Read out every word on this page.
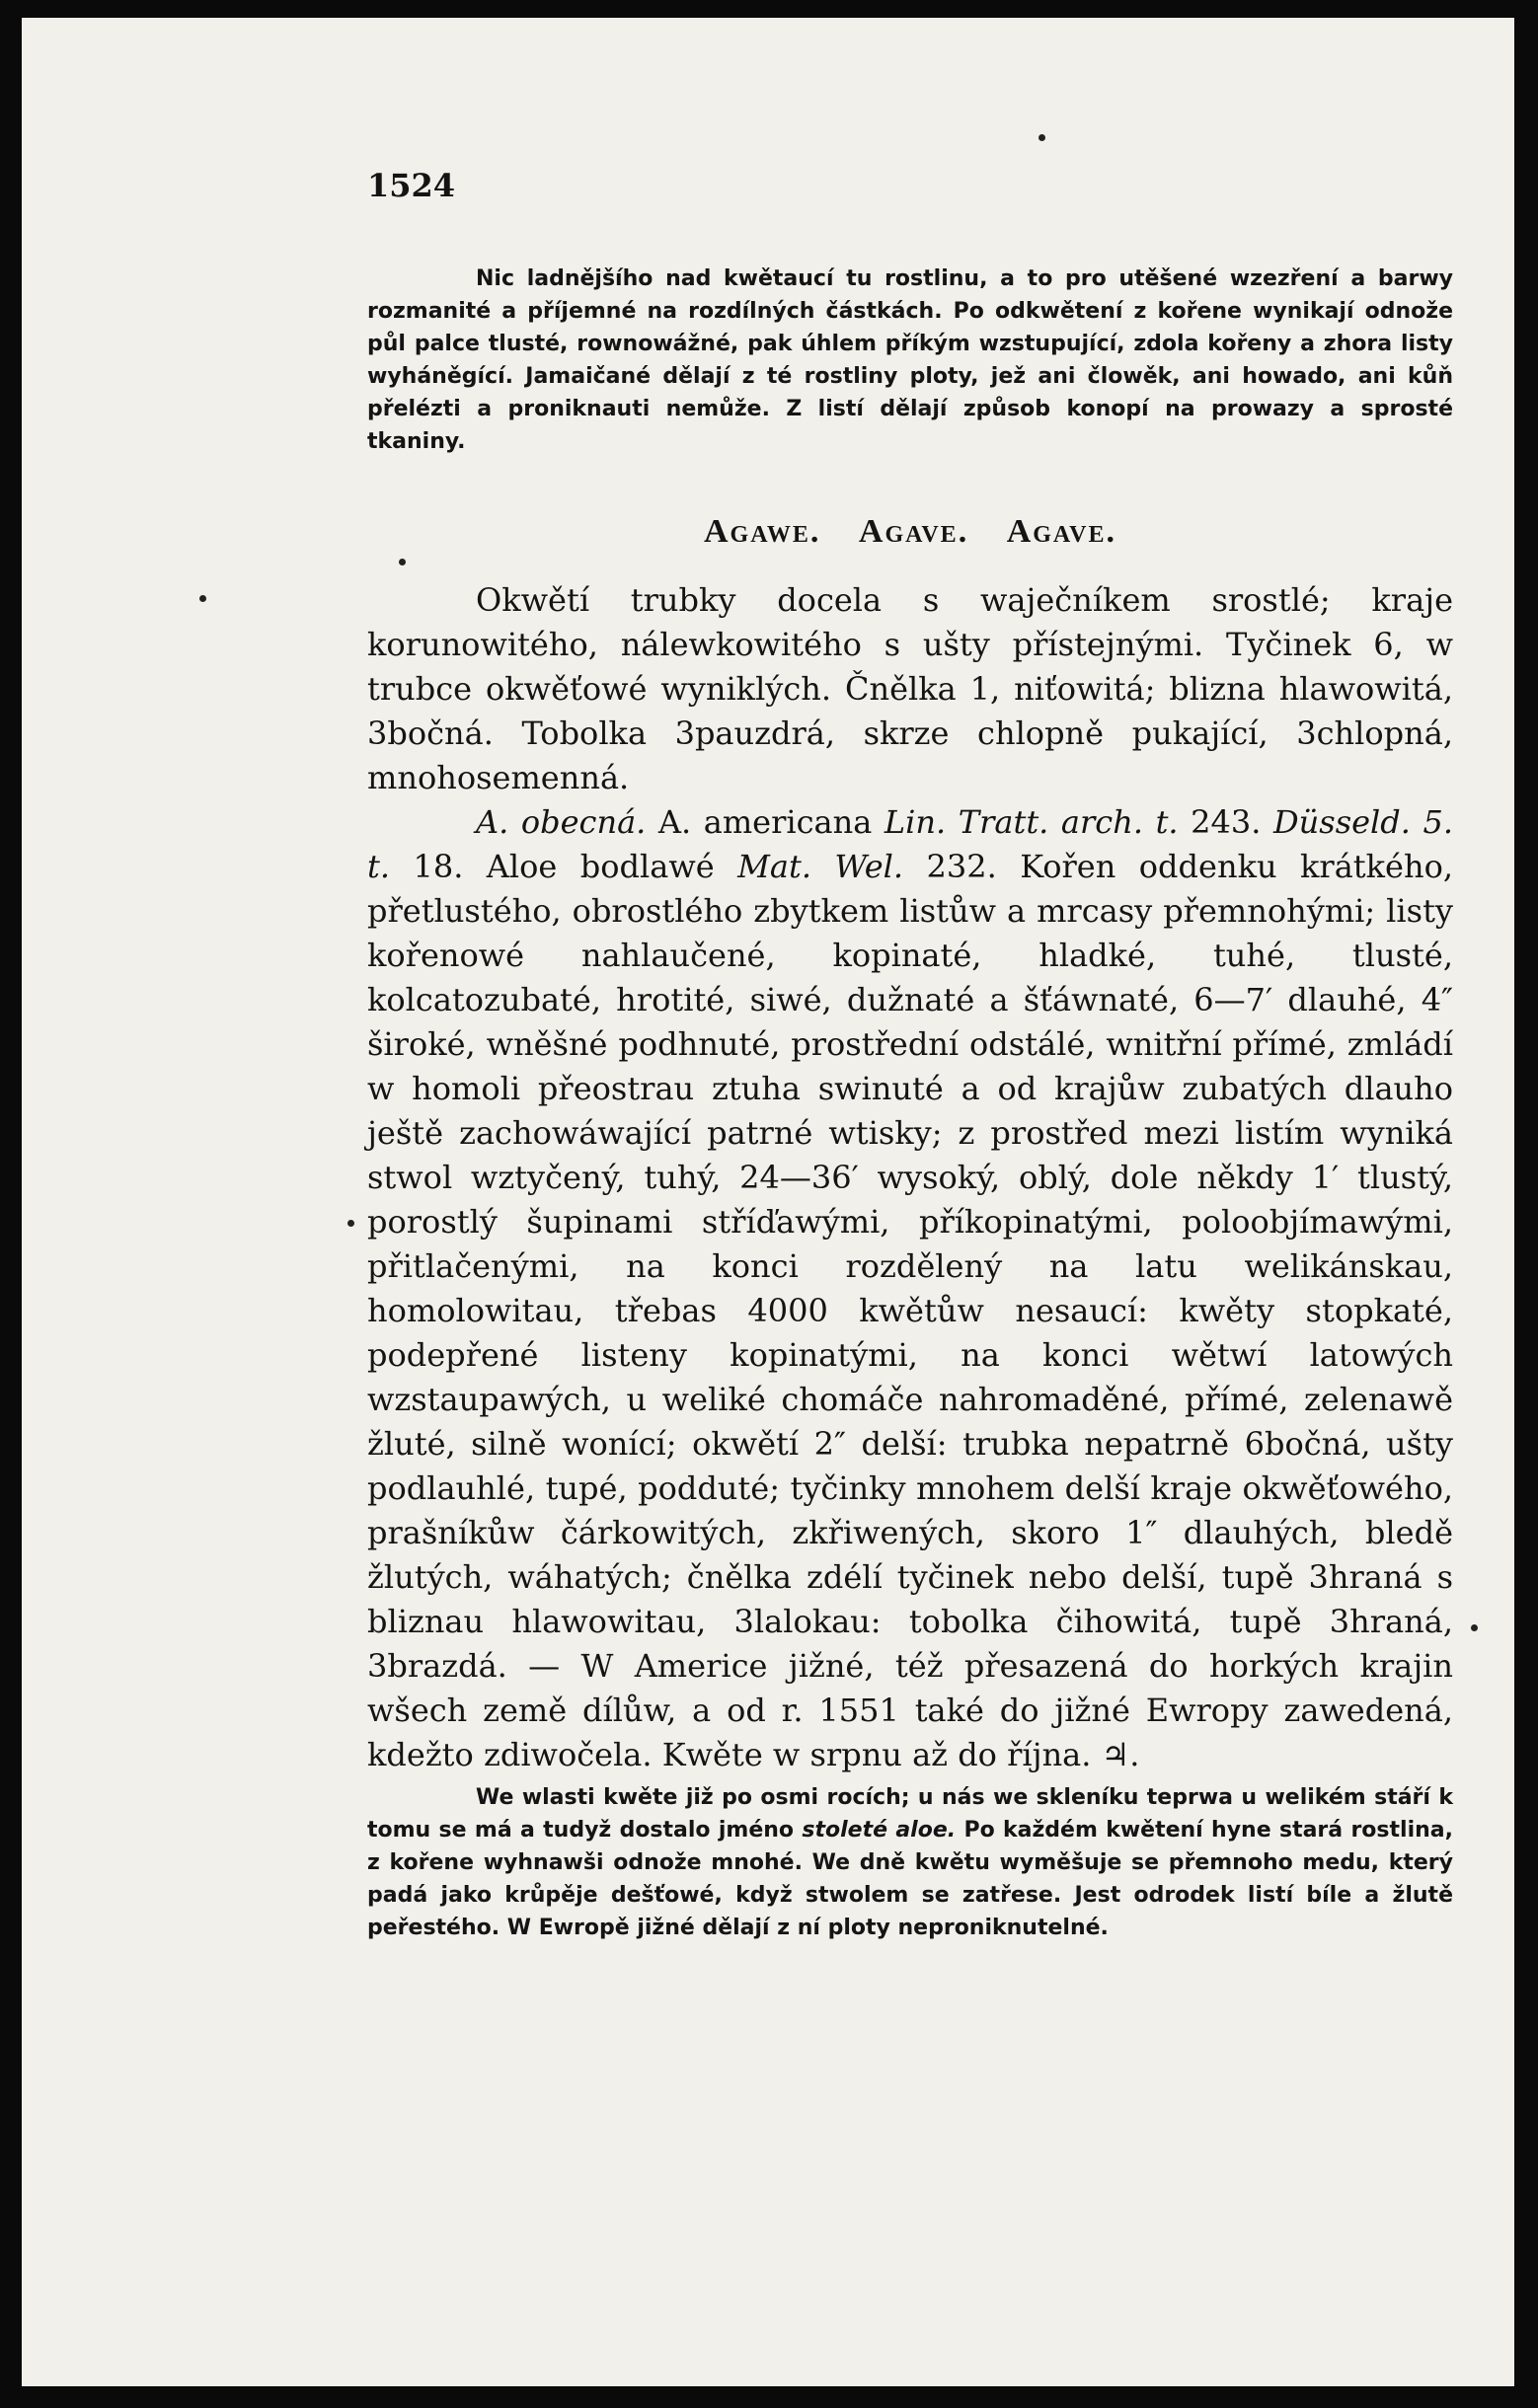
1524

Nic ladnějšího nad kwětaucí tu rostlinu, a to pro utěšené wzezření a barwy rozmanité a příjemné na rozdílných částkách. Po odkwětení z kořene wynikají odnože půl palce tlusté, rownowážné, pak úhlem příkým wzstupující, zdola kořeny a zhora listy wyháněgící. Jamaičané dělají z té rostliny ploty, jež ani člowěk, ani howado, ani kůň přelézti a proniknauti nemůže. Z listí dělají způsob konopí na prowazy a sprosté tkaniny.

Agawe. Agave. Agave.

Okwětí trubky docela s waječníkem srostlé; kraje korunowitého, nálewkowitého s ušty přístejnými. Tyčinek 6, w trubce okwěťowé wyniklých. Čnělka 1, niťowitá; blizna hlawowitá, 3bočná. Tobolka 3pauzdrá, skrze chlopně pukající, 3chlopná, mnohosemenná.

A. obecná. A. americana Lin. Tratt. arch. t. 243. Düsseld. 5. t. 18. Aloe bodlawé Mat. Wel. 232. Kořen oddenku krátkého, přetlustého, obrostlého zbytkem listůw a mrcasy přemnohými; listy kořenowé nahlaučené, kopinaté, hladké, tuhé, tlusté, kolcatozubaté, hrotité, siwé, dužnaté a šťáwnaté, 6—7′ dlauhé, 4″ široké, wněšné podhnuté, prostřední odstálé, wnitřní přímé, zmládí w homoli přeostrau ztuha swinuté a od krajůw zubatých dlauho ještě zachowáwající patrné wtisky; z prostřed mezi listím wyniká stwol wztyčený, tuhý, 24—36′ wysoký, oblý, dole někdy 1′ tlustý, porostlý šupinami stříďawými, příkopinatými, poloobjímawými, přitlačenými, na konci rozdělený na latu welikánskau, homolowitau, třebas 4000 kwětůw nesaucí: kwěty stopkaté, podepřené listeny kopinatými, na konci wětwí latowých wzstaupawých, u weliké chomáče nahromaděné, přímé, zelenawě žluté, silně wonící; okwětí 2″ delší: trubka nepatrně 6bočná, ušty podlauhlé, tupé, podduté; tyčinky mnohem delší kraje okwěťowého, prašníkůw čárkowitých, zkřiwených, skoro 1″ dlauhých, bledě žlutých, wáhatých; čnělka zdélí tyčinek nebo delší, tupě 3hraná s bliznau hlawowitau, 3lalokau: tobolka čihowitá, tupě 3hraná, 3brazdá. — W Americe jižné, též přesazená do horkých krajin wšech země dílůw, a od r. 1551 také do jižné Ewropy zawedená, kdežto zdiwočela. Kwěte w srpnu až do října. ♃.

We wlasti kwěte již po osmi rocích; u nás we skleníku teprwa u welikém stáří k tomu se má a tudyž dostalo jméno stoleté aloe. Po každém kwětení hyne stará rostlina, z kořene wyhnawši odnože mnohé. We dně kwětu wyměšuje se přemnoho medu, který padá jako krůpěje dešťowé, když stwolem se zatřese. Jest odrodek listí bíle a žlutě peřestého. W Ewropě jižné dělají z ní ploty neproniknutelné.
